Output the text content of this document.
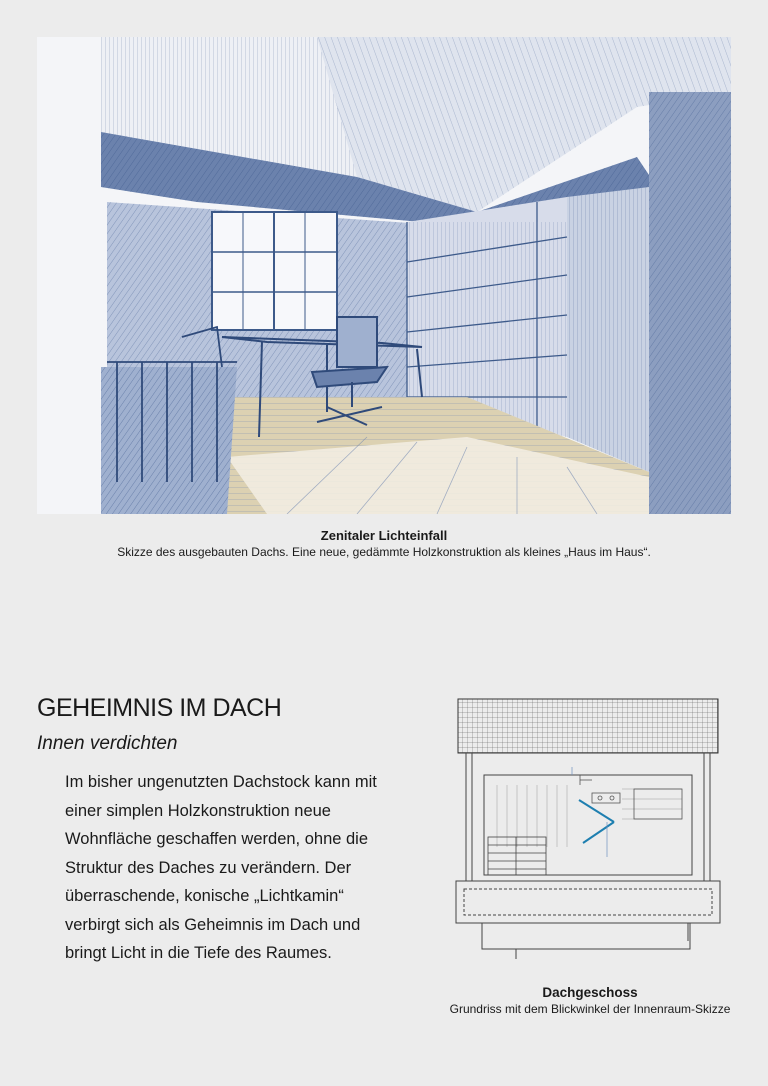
Zenitaler Lichteinfall
Skizze des ausgebauten Dachs. Eine neue, gedämmte Holzkonstruktion als kleines „Haus im Haus“.
GEHEIMNIS IM DACH
Innen verdichten

Im bisher ungenutzten Dachstock kann mit einer simplen Holzkonstruktion neue Wohnfläche geschaffen werden, ohne die Struktur des Daches zu verändern. Der überraschende, konische „Lichtkamin“ verbirgt sich als Geheimnis im Dach und bringt Licht in die Tiefe des Raumes.

Dachgeschoss
Grundriss mit dem Blickwinkel der Innenraum-Skizze
